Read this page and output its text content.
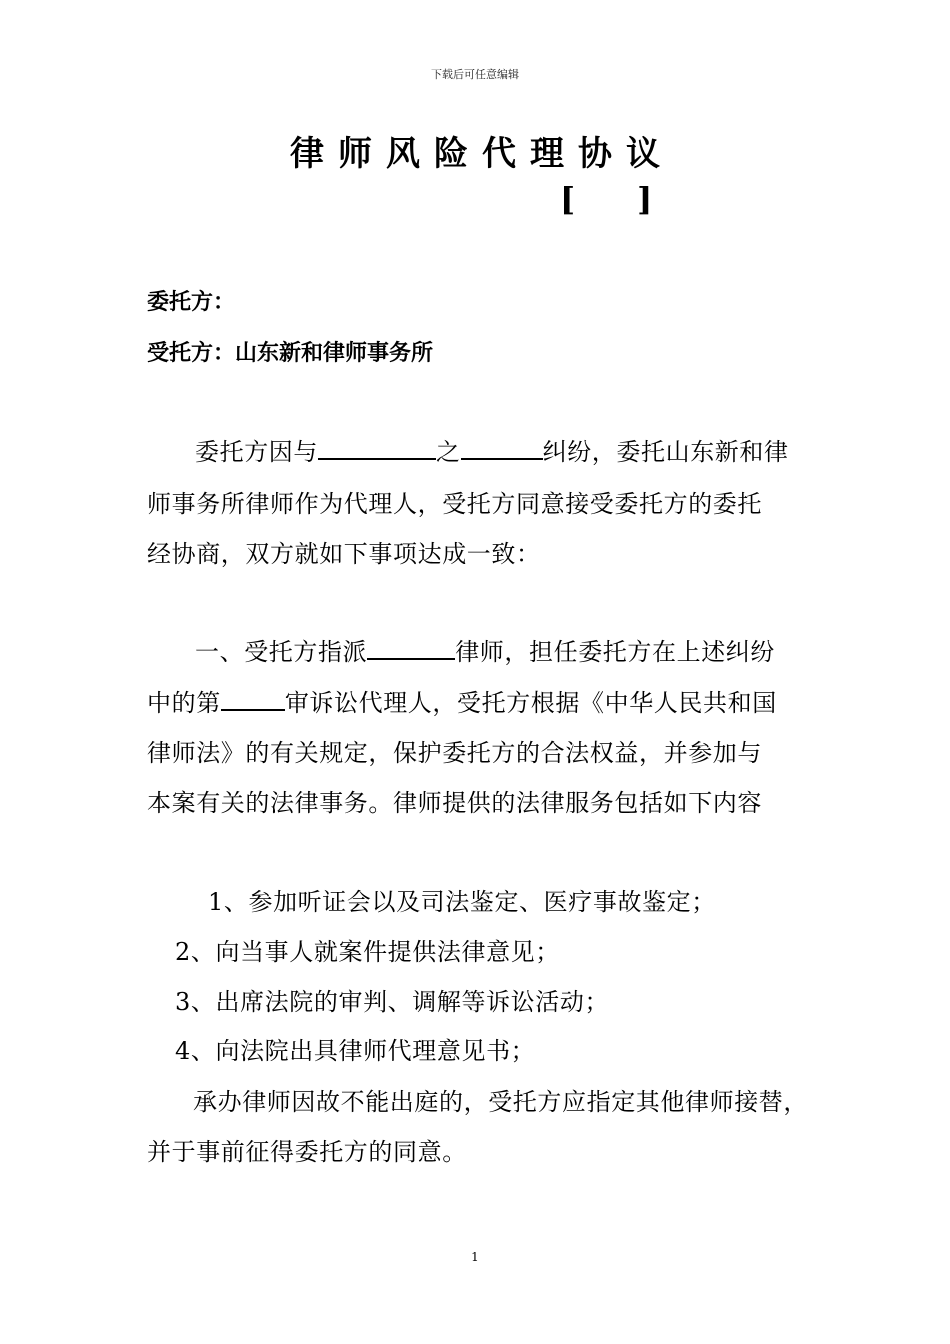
下载后可任意编辑
律师风险代理协议
[ ]
委托方：
受托方：山东新和律师事务所
委托方因与	之	纠纷，委托山东新和律
师事务所律师作为代理人，受托方同意接受委托方的委托
经协商，双方就如下事项达成一致：
一、受托方指派	律师，担任委托方在上述纠纷
中的第	审诉讼代理人，受托方根据《中华人民共和国
律师法》的有关规定，保护委托方的合法权益，并参加与
本案有关的法律事务。律师提供的法律服务包括如下内容
1、参加听证会以及司法鉴定、医疗事故鉴定；
2、向当事人就案件提供法律意见；
3、出席法院的审判、调解等诉讼活动；
4、向法院出具律师代理意见书；
承办律师因故不能出庭的，受托方应指定其他律师接替，
并于事前征得委托方的同意。
1
